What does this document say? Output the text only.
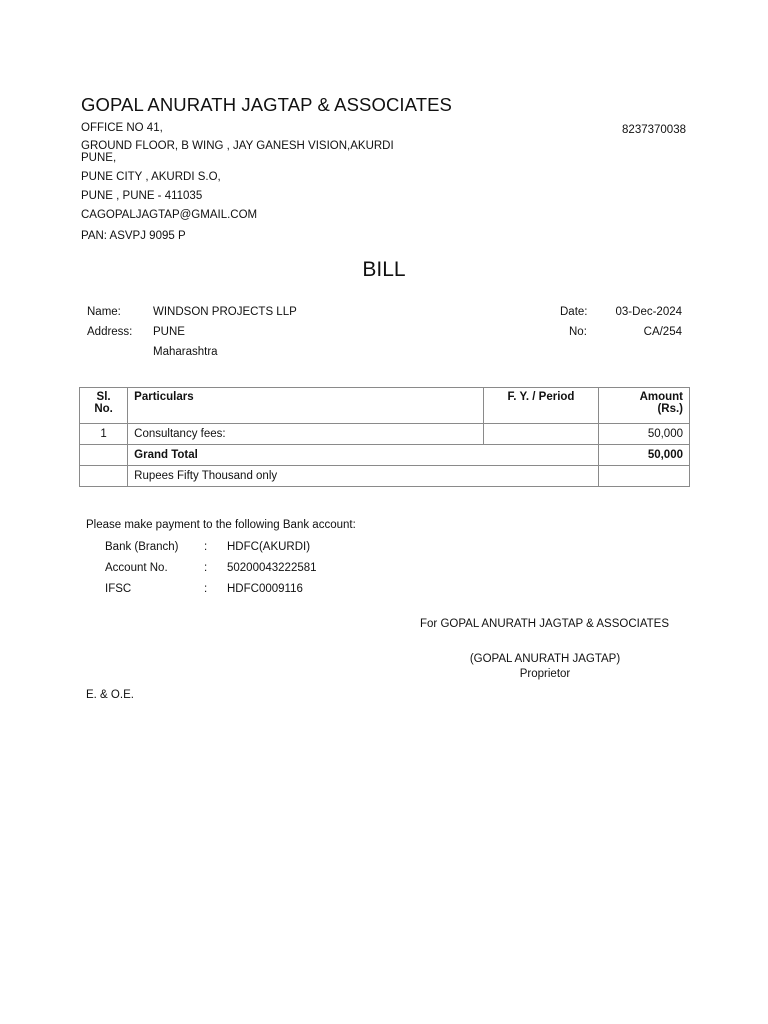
GOPAL ANURATH JAGTAP & ASSOCIATES
OFFICE NO 41,
GROUND FLOOR, B WING , JAY GANESH VISION,AKURDI
PUNE,
PUNE CITY , AKURDI S.O,
PUNE , PUNE - 411035
CAGOPALJAGTAP@GMAIL.COM
PAN: ASVPJ 9095 P
8237370038
BILL
Name:	WINDSON PROJECTS LLP
Address: PUNE
Maharashtra
Date: 03-Dec-2024
No:	CA/254
Sl. No.	Particulars	F. Y. / Period	Amount
(Rs.)
1	Consultancy fees:		50,000
	Grand Total		50,000
	Rupees Fifty Thousand only		
Please make payment to the following Bank account:
Bank (Branch) : HDFC(AKURDI)
Account No.	: 50200043222581
IFSC	: HDFC0009116
For GOPAL ANURATH JAGTAP & ASSOCIATES
(GOPAL ANURATH JAGTAP)
Proprietor
E. & O.E.
